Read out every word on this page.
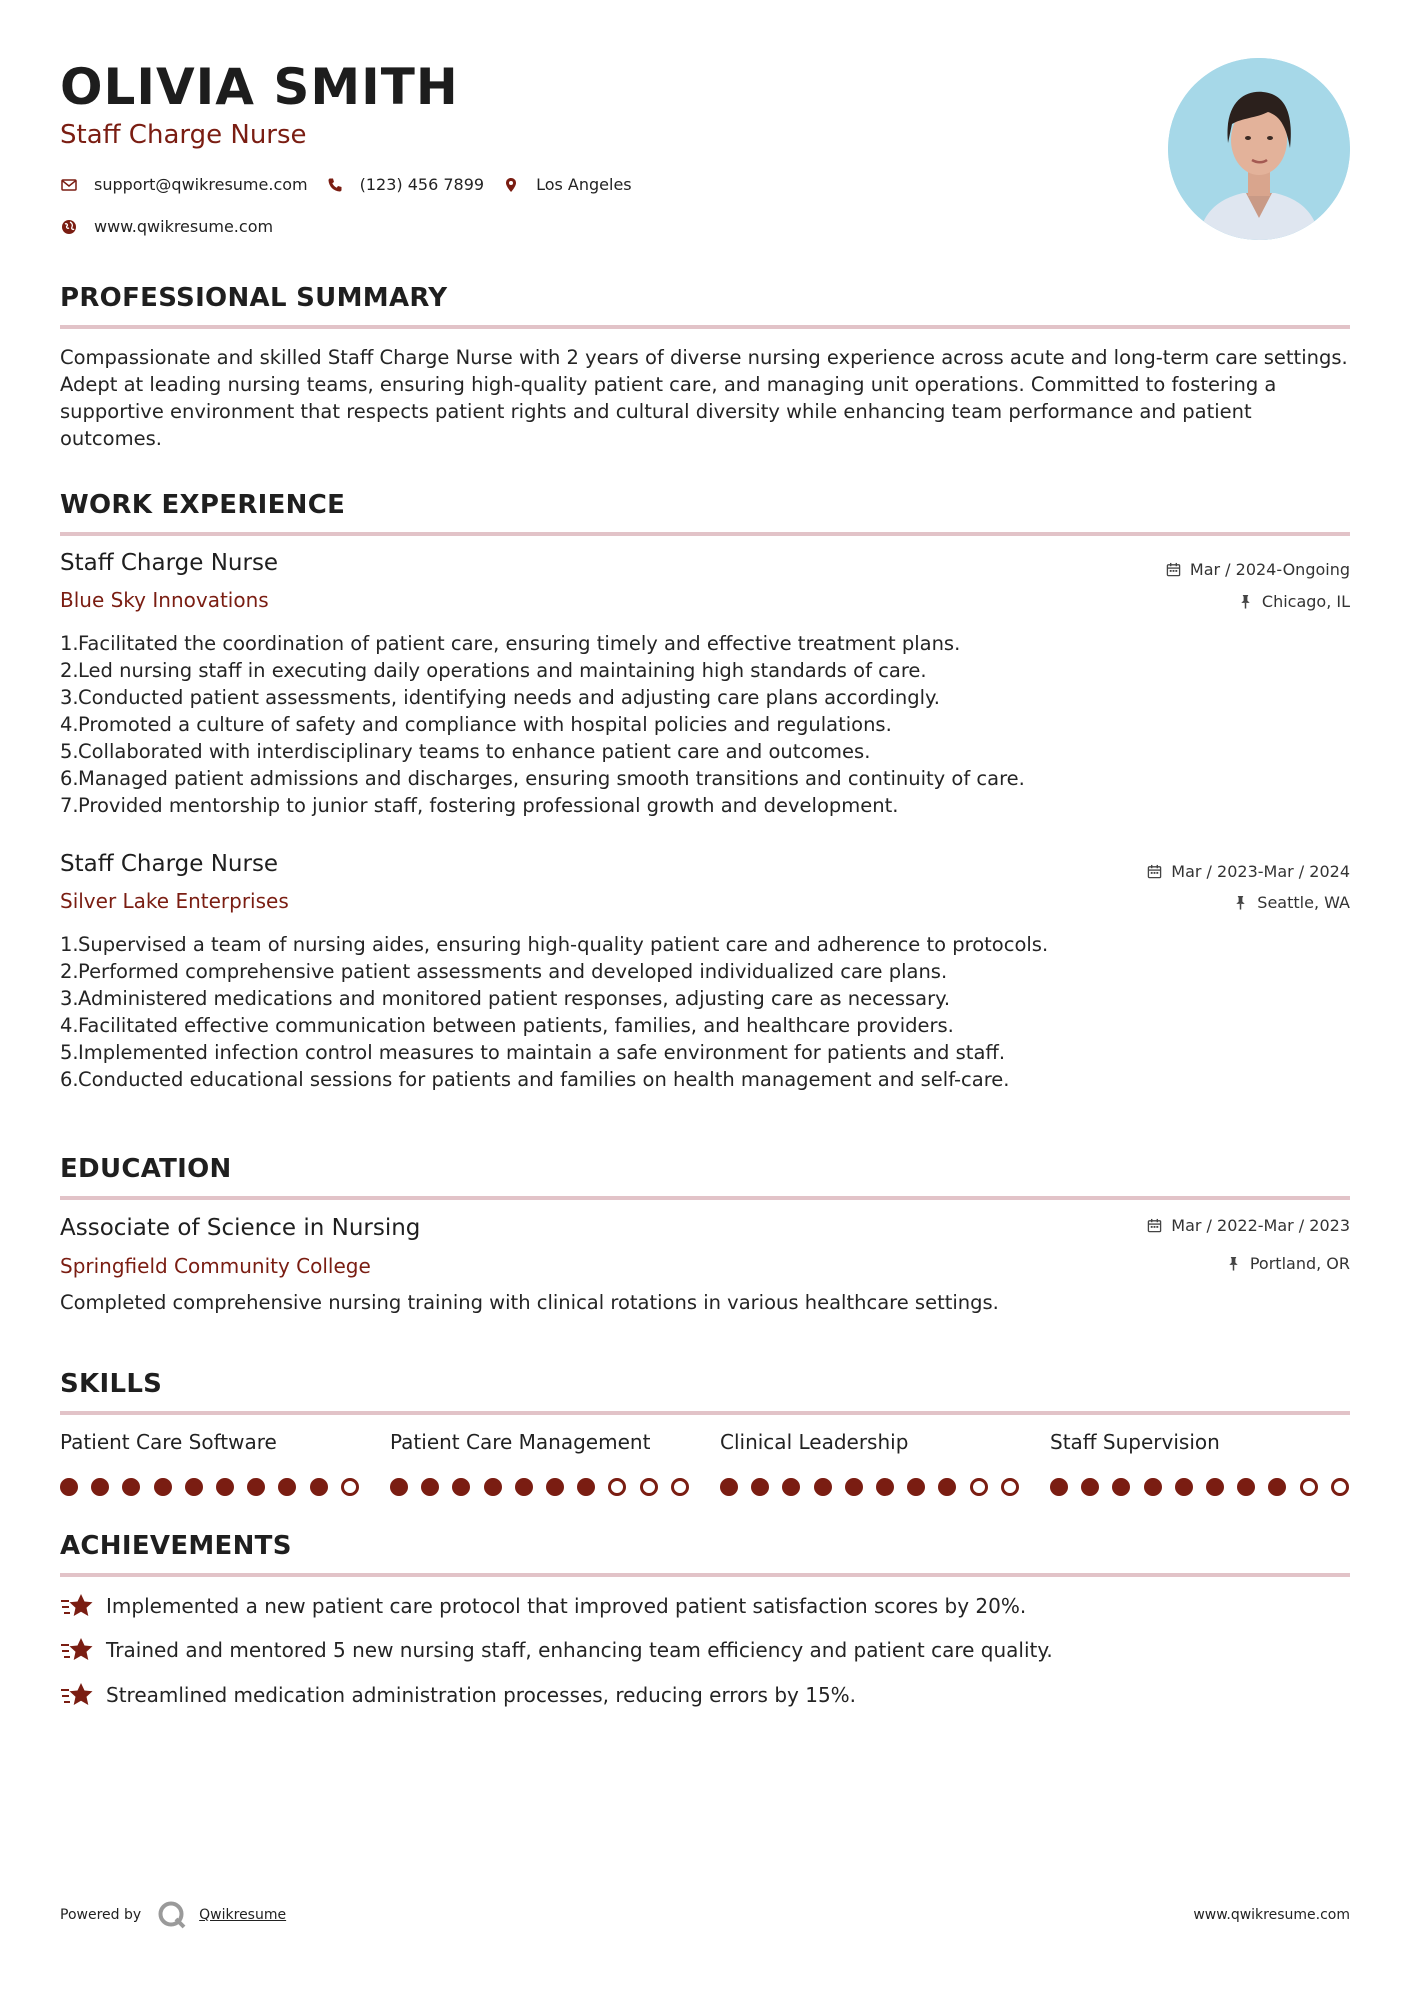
OLIVIA SMITH
Staff Charge Nurse
support@qwikresume.com	(123) 456 7899	Los Angeles
www.qwikresume.com
PROFESSIONAL SUMMARY
Compassionate and skilled Staff Charge Nurse with 2 years of diverse nursing experience across acute and long-term care settings. Adept at leading nursing teams, ensuring high-quality patient care, and managing unit operations. Committed to fostering a supportive environment that respects patient rights and cultural diversity while enhancing team performance and patient outcomes.
WORK EXPERIENCE
Staff Charge Nurse
Blue Sky Innovations
Mar / 2024-Ongoing
Chicago, IL
1. Facilitated the coordination of patient care, ensuring timely and effective treatment plans.
2. Led nursing staff in executing daily operations and maintaining high standards of care.
3. Conducted patient assessments, identifying needs and adjusting care plans accordingly.
4. Promoted a culture of safety and compliance with hospital policies and regulations.
5. Collaborated with interdisciplinary teams to enhance patient care and outcomes.
6. Managed patient admissions and discharges, ensuring smooth transitions and continuity of care.
7. Provided mentorship to junior staff, fostering professional growth and development.
Staff Charge Nurse
Silver Lake Enterprises
Mar / 2023-Mar / 2024
Seattle, WA
1. Supervised a team of nursing aides, ensuring high-quality patient care and adherence to protocols.
2. Performed comprehensive patient assessments and developed individualized care plans.
3. Administered medications and monitored patient responses, adjusting care as necessary.
4. Facilitated effective communication between patients, families, and healthcare providers.
5. Implemented infection control measures to maintain a safe environment for patients and staff.
6. Conducted educational sessions for patients and families on health management and self-care.
EDUCATION
Associate of Science in Nursing
Springfield Community College
Mar / 2022-Mar / 2023
Portland, OR
Completed comprehensive nursing training with clinical rotations in various healthcare settings.
SKILLS
Patient Care Software	Patient Care Management	Clinical Leadership	Staff Supervision
ACHIEVEMENTS
Implemented a new patient care protocol that improved patient satisfaction scores by 20%.
Trained and mentored 5 new nursing staff, enhancing team efficiency and patient care quality.
Streamlined medication administration processes, reducing errors by 15%.
Powered by	Qwikresume	www.qwikresume.com
